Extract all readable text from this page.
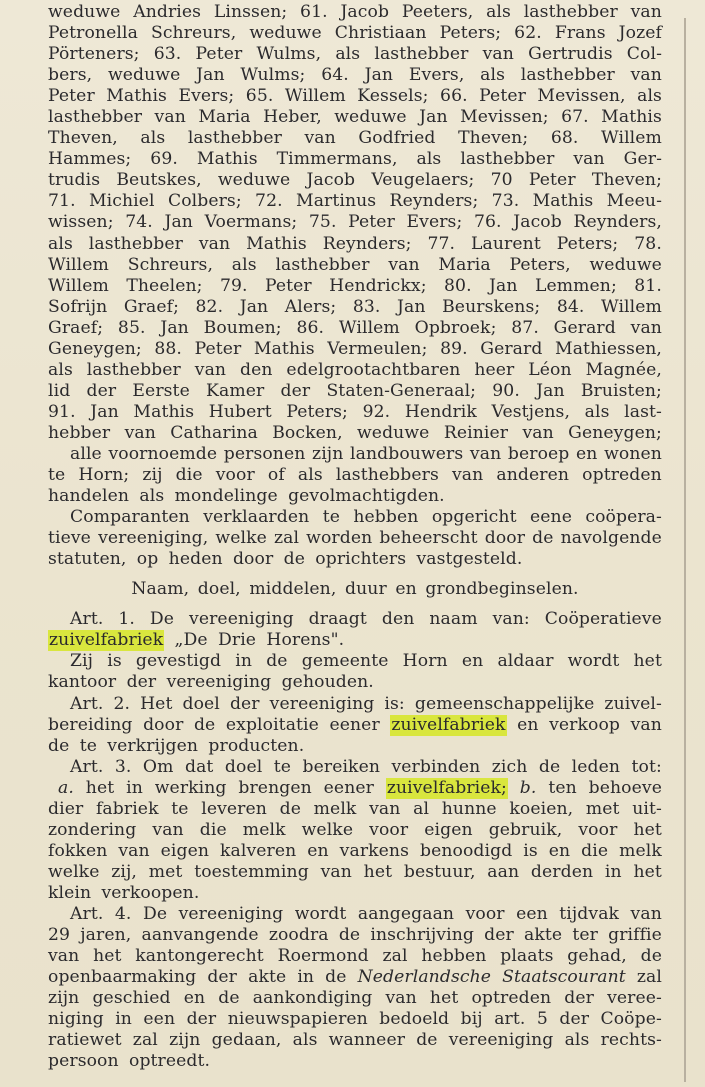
weduwe Andries Linssen; 61. Jacob Peeters, als lasthebber van
Petronella Schreurs, weduwe Christiaan Peters; 62. Frans Jozef
Pörteners; 63. Peter Wulms, als lasthebber van Gertrudis Col-
bers, weduwe Jan Wulms; 64. Jan Evers, als lasthebber van
Peter Mathis Evers; 65. Willem Kessels; 66. Peter Mevissen, als
lasthebber van Maria Heber, weduwe Jan Mevissen; 67. Mathis
Theven, als lasthebber van Godfried Theven; 68. Willem
Hammes; 69. Mathis Timmermans, als lasthebber van Ger-
trudis Beutskes, weduwe Jacob Veugelaers; 70 Peter Theven;
71. Michiel Colbers; 72. Martinus Reynders; 73. Mathis Meeu-
wissen; 74. Jan Voermans; 75. Peter Evers; 76. Jacob Reynders,
als lasthebber van Mathis Reynders; 77. Laurent Peters; 78.
Willem Schreurs, als lasthebber van Maria Peters, weduwe
Willem Theelen; 79. Peter Hendrickx; 80. Jan Lemmen; 81.
Sofrijn Graef; 82. Jan Alers; 83. Jan Beurskens; 84. Willem
Graef; 85. Jan Boumen; 86. Willem Opbroek; 87. Gerard van
Geneygen; 88. Peter Mathis Vermeulen; 89. Gerard Mathiessen,
als lasthebber van den edelgrootachtbaren heer Léon Magnée,
lid der Eerste Kamer der Staten-Generaal; 90. Jan Bruisten;
91. Jan Mathis Hubert Peters; 92. Hendrik Vestjens, als last-
hebber van Catharina Bocken, weduwe Reinier van Geneygen;
alle voornoemde personen zijn landbouwers van beroep en wonen
te Horn; zij die voor of als lasthebbers van anderen optreden
handelen als mondelinge gevolmachtigden.
Comparanten verklaarden te hebben opgericht eene coöpera-
tieve vereeniging, welke zal worden beheerscht door de navolgende
statuten, op heden door de oprichters vastgesteld.
Naam, doel, middelen, duur en grondbeginselen.
Art. 1. De vereeniging draagt den naam van: Coöperatieve
zuivelfabriek „De Drie Horens".
Zij is gevestigd in de gemeente Horn en aldaar wordt het
kantoor der vereeniging gehouden.
Art. 2. Het doel der vereeniging is: gemeenschappelijke zuivel-
bereiding door de exploitatie eener zuivelfabriek en verkoop van
de te verkrijgen producten.
Art. 3. Om dat doel te bereiken verbinden zich de leden tot:
a. het in werking brengen eener zuivelfabriek; b. ten behoeve
dier fabriek te leveren de melk van al hunne koeien, met uit-
zondering van die melk welke voor eigen gebruik, voor het
fokken van eigen kalveren en varkens benoodigd is en die melk
welke zij, met toestemming van het bestuur, aan derden in het
klein verkoopen.
Art. 4. De vereeniging wordt aangegaan voor een tijdvak van
29 jaren, aanvangende zoodra de inschrijving der akte ter griffie
van het kantongerecht Roermond zal hebben plaats gehad, de
openbaarmaking der akte in de Nederlandsche Staatscourant zal
zijn geschied en de aankondiging van het optreden der veree-
niging in een der nieuwspapieren bedoeld bij art. 5 der Coöpe-
ratiewet zal zijn gedaan, als wanneer de vereeniging als rechts-
persoon optreedt.
